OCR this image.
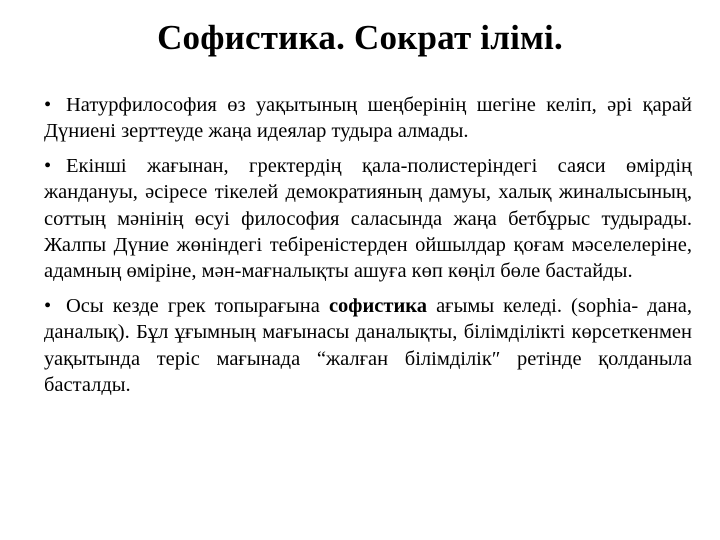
Софистика. Сократ ілімі.

• Натурфилософия өз уақытының шеңберінің шегіне келіп, әрі қарай Дүниені зерттеуде жаңа идеялар тудыра алмады.

• Екінші жағынан, гректердің қала-полистеріндегі саяси өмірдің жандануы, әсіресе тікелей демократияның дамуы, халық жиналысының, соттың мәнінің өсуі философия саласында жаңа бетбұрыс тудырады. Жалпы Дүние жөніндегі тебіреністерден ойшылдар қоғам мәселелеріне, адамның өміріне, мән-мағналықты ашуға көп көңіл бөле бастайды.

• Осы кезде грек топырағына софистика ағымы келеді. (sophia- дана, даналық). Бұл ұғымның мағынасы даналықты, білімділікті көрсеткенмен уақытында теріс мағынада “жалған білімділік″ ретінде қолданыла басталды.
